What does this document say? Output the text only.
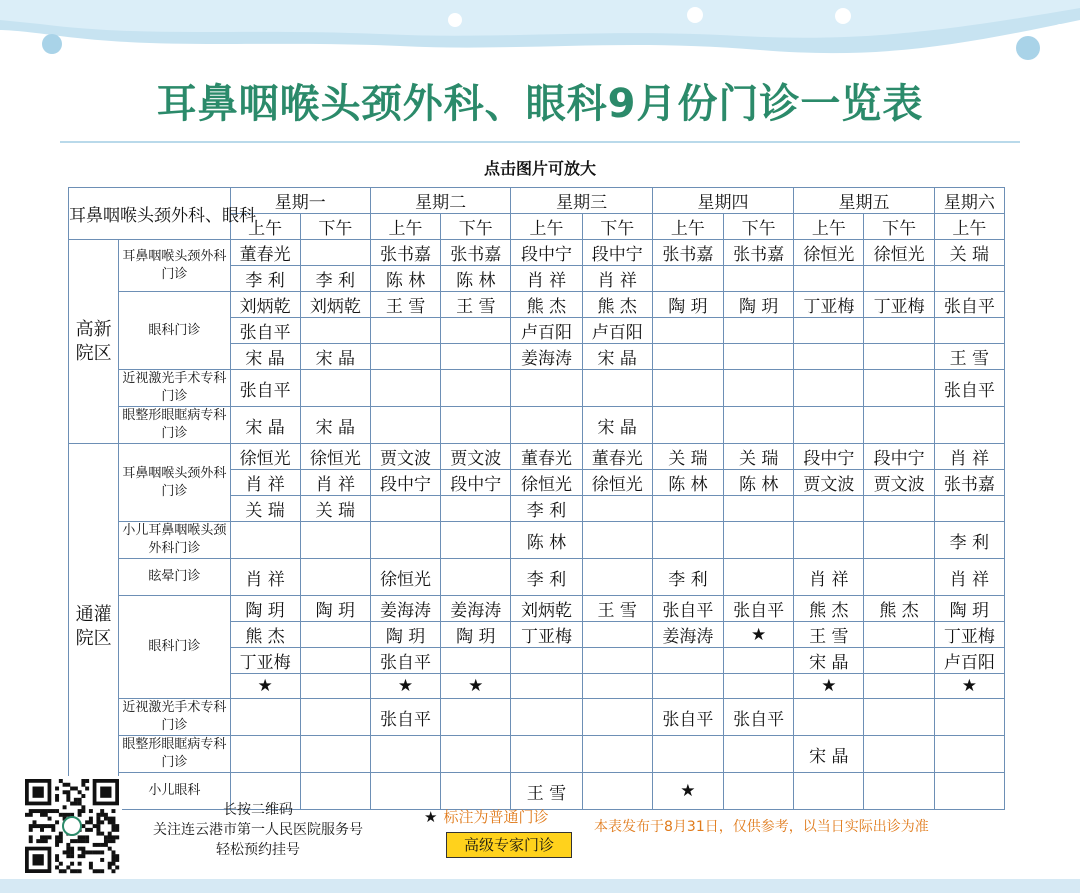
耳鼻咽喉头颈外科、眼科9月份门诊一览表
点击图片可放大
耳鼻咽喉头颈外科、眼科		星期一		星期二		星期三		星期四		星期五		星期六
		上午	下午	上午	下午	上午	下午	上午	下午	上午	下午	上午
高新院区	耳鼻咽喉头颈外科门诊	董春光		张书嘉	张书嘉	段中宁	段中宁	张书嘉	张书嘉	徐恒光	徐恒光	关 瑞
		李 利	李 利	陈 林	陈 林	肖 祥	肖 祥					
	眼科门诊	刘炳乾	刘炳乾	王 雪	王 雪	熊 杰	熊 杰	陶 玥	陶 玥	丁亚梅	丁亚梅	张自平
		张自平				卢百阳	卢百阳					
		宋 晶	宋 晶			姜海涛	宋 晶					王 雪
	近视激光手术专科门诊	张自平										张自平
	眼整形眼眶病专科门诊	宋 晶	宋 晶				宋 晶					
通灌院区	耳鼻咽喉头颈外科门诊	徐恒光	徐恒光	贾文波	贾文波	董春光	董春光	关 瑞	关 瑞	段中宁	段中宁	肖 祥
		肖 祥	肖 祥	段中宁	段中宁	徐恒光	徐恒光	陈 林	陈 林	贾文波	贾文波	张书嘉
		关 瑞	关 瑞			李 利						
	小儿耳鼻咽喉头颈外科门诊					陈 林						李 利
	眩晕门诊	肖 祥		徐恒光		李 利		李 利		肖 祥		肖 祥
	眼科门诊	陶 玥	陶 玥	姜海涛	姜海涛	刘炳乾	王 雪	张自平	张自平	熊 杰	熊 杰	陶 玥
		熊 杰		陶 玥	陶 玥	丁亚梅		姜海涛	★	王 雪		丁亚梅
		丁亚梅		张自平						宋 晶		卢百阳
		★		★	★					★		★
	近视激光手术专科门诊			张自平				张自平	张自平			
	眼整形眼眶病专科门诊									宋 晶		
	小儿眼科					王 雪		★				
长按二维码
关注连云港市第一人民医院服务号
轻松预约挂号
★ 标注为普通门诊
高级专家门诊
本表发布于8月31日，仅供参考，以当日实际出诊为准
